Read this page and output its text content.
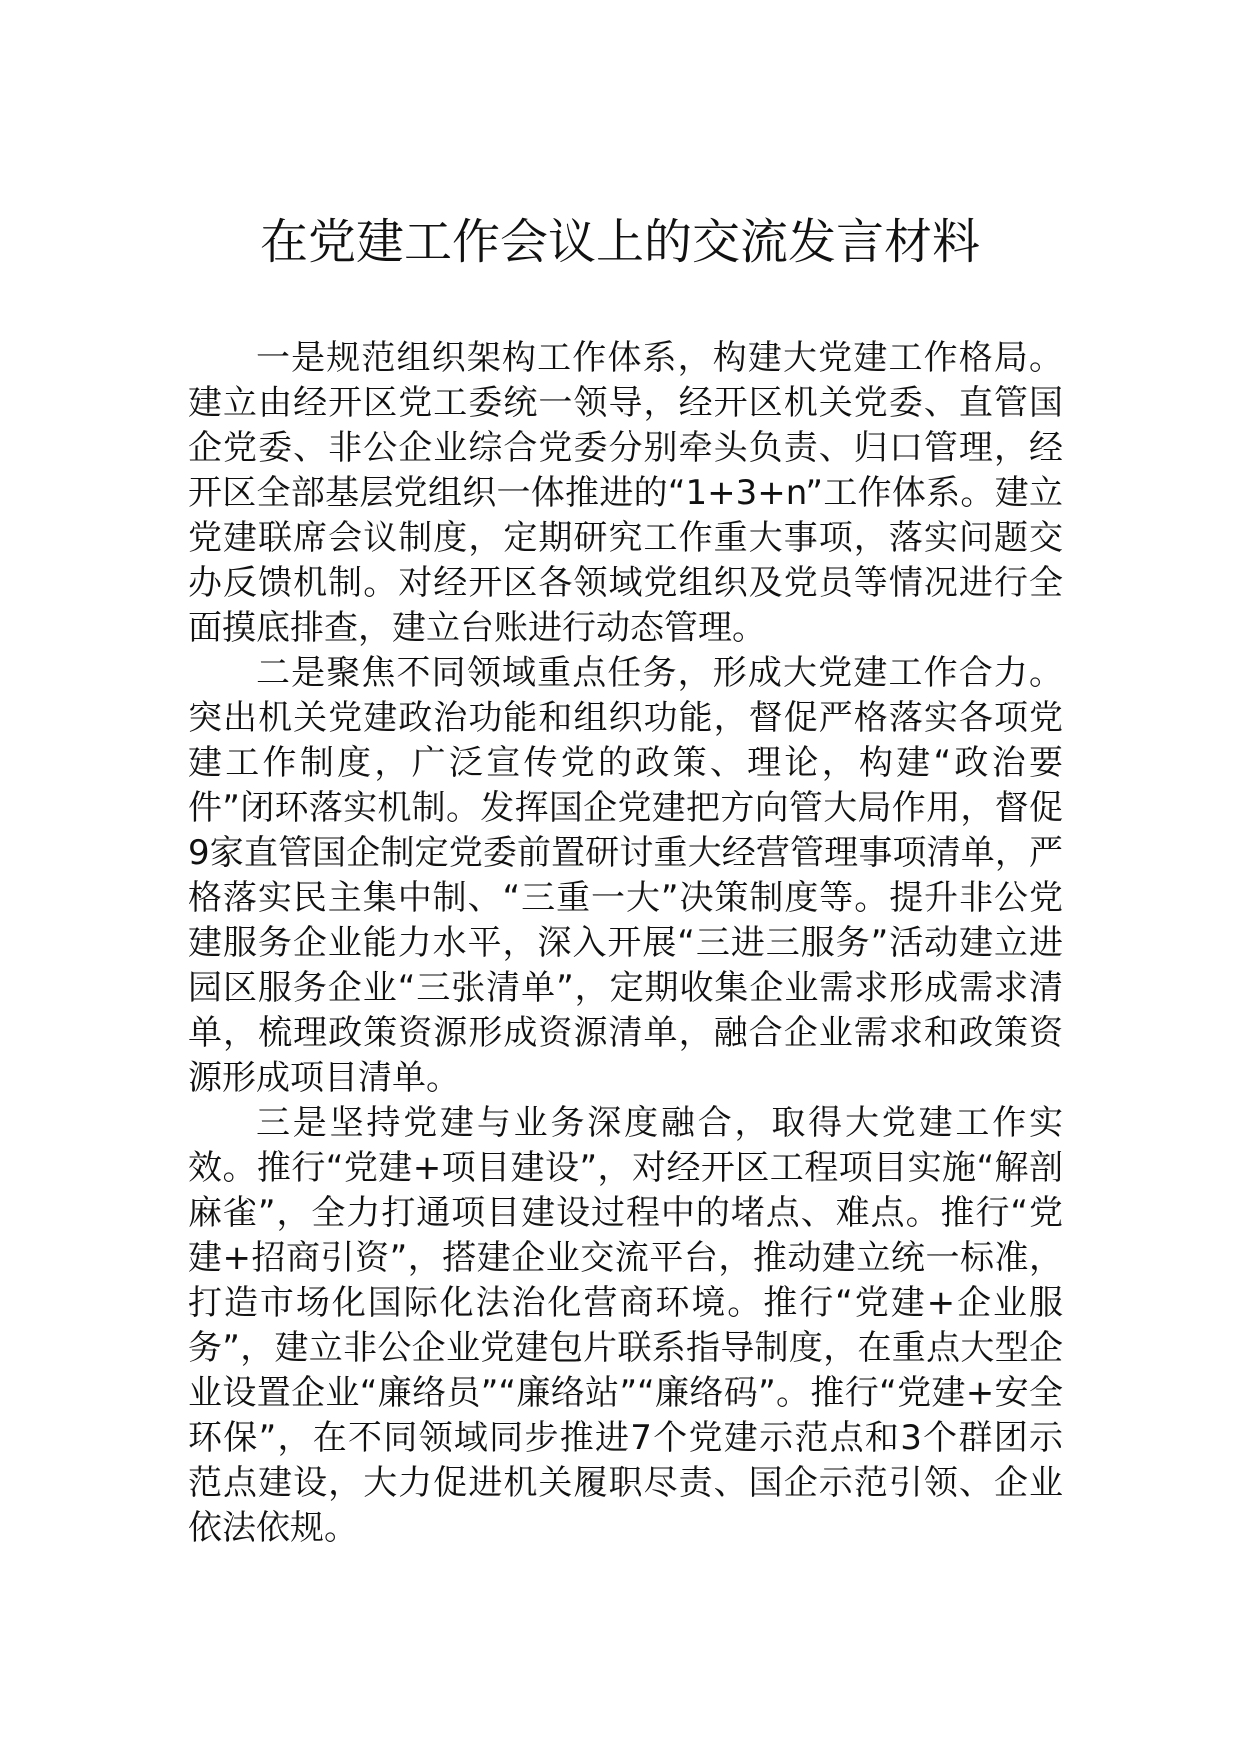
在党建工作会议上的交流发言材料

一是规范组织架构工作体系，构建大党建工作格局。建立由经开区党工委统一领导，经开区机关党委、直管国企党委、非公企业综合党委分别牵头负责、归口管理，经开区全部基层党组织一体推进的“1+3+n”工作体系。建立党建联席会议制度，定期研究工作重大事项，落实问题交办反馈机制。对经开区各领域党组织及党员等情况进行全面摸底排查，建立台账进行动态管理。

二是聚焦不同领域重点任务，形成大党建工作合力。突出机关党建政治功能和组织功能，督促严格落实各项党建工作制度，广泛宣传党的政策、理论，构建“政治要件”闭环落实机制。发挥国企党建把方向管大局作用，督促9家直管国企制定党委前置研讨重大经营管理事项清单，严格落实民主集中制、“三重一大”决策制度等。提升非公党建服务企业能力水平，深入开展“三进三服务”活动建立进园区服务企业“三张清单”，定期收集企业需求形成需求清单，梳理政策资源形成资源清单，融合企业需求和政策资源形成项目清单。

三是坚持党建与业务深度融合，取得大党建工作实效。推行“党建+项目建设”，对经开区工程项目实施“解剖麻雀”，全力打通项目建设过程中的堵点、难点。推行“党建+招商引资”，搭建企业交流平台，推动建立统一标准，打造市场化国际化法治化营商环境。推行“党建+企业服务”，建立非公企业党建包片联系指导制度，在重点大型企业设置企业“廉络员”“廉络站”“廉络码”。推行“党建+安全环保”，在不同领域同步推进7个党建示范点和3个群团示范点建设，大力促进机关履职尽责、国企示范引领、企业依法依规。
